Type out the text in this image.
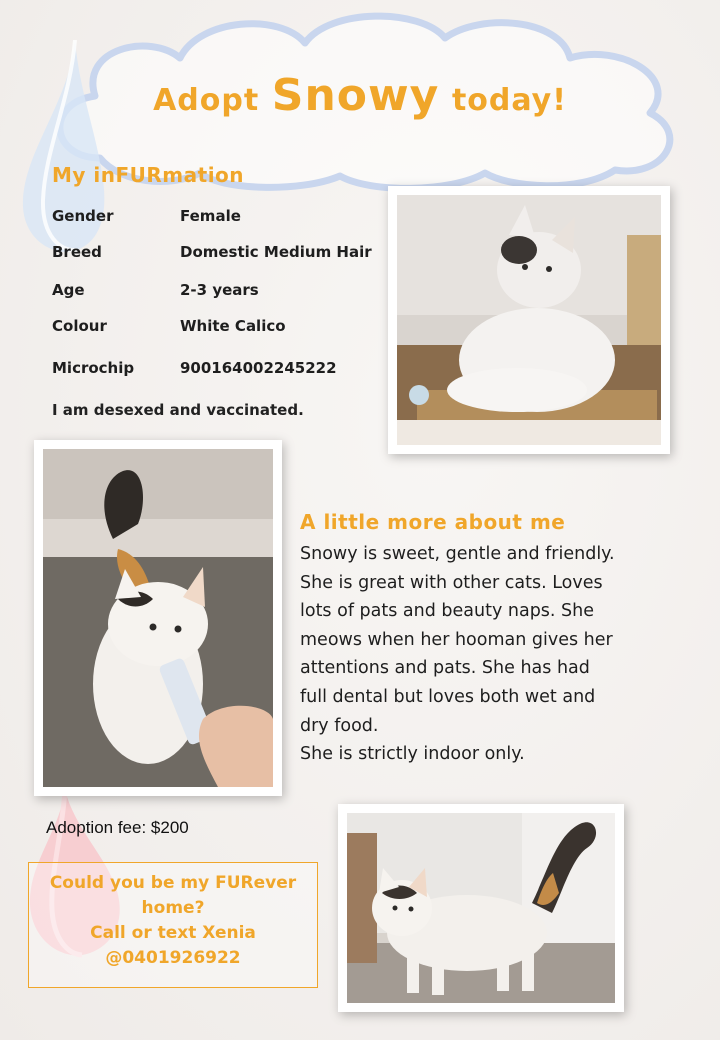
Adopt Snowy today!
My inFURmation
Gender	Female
Breed	Domestic Medium Hair
Age	2-3 years
Colour	White Calico
Microchip	900164002245222
I am desexed and vaccinated.
A little more about me

Snowy is sweet, gentle and friendly.

She is great with other cats. Loves

lots of pats and beauty naps. She

meows when her hooman gives her

attentions and pats. She has had

full dental but loves both wet and

dry food.

She is strictly indoor only.

Adoption fee: $200
Could you be my FURever
home?
Call or text Xenia
@0401926922
